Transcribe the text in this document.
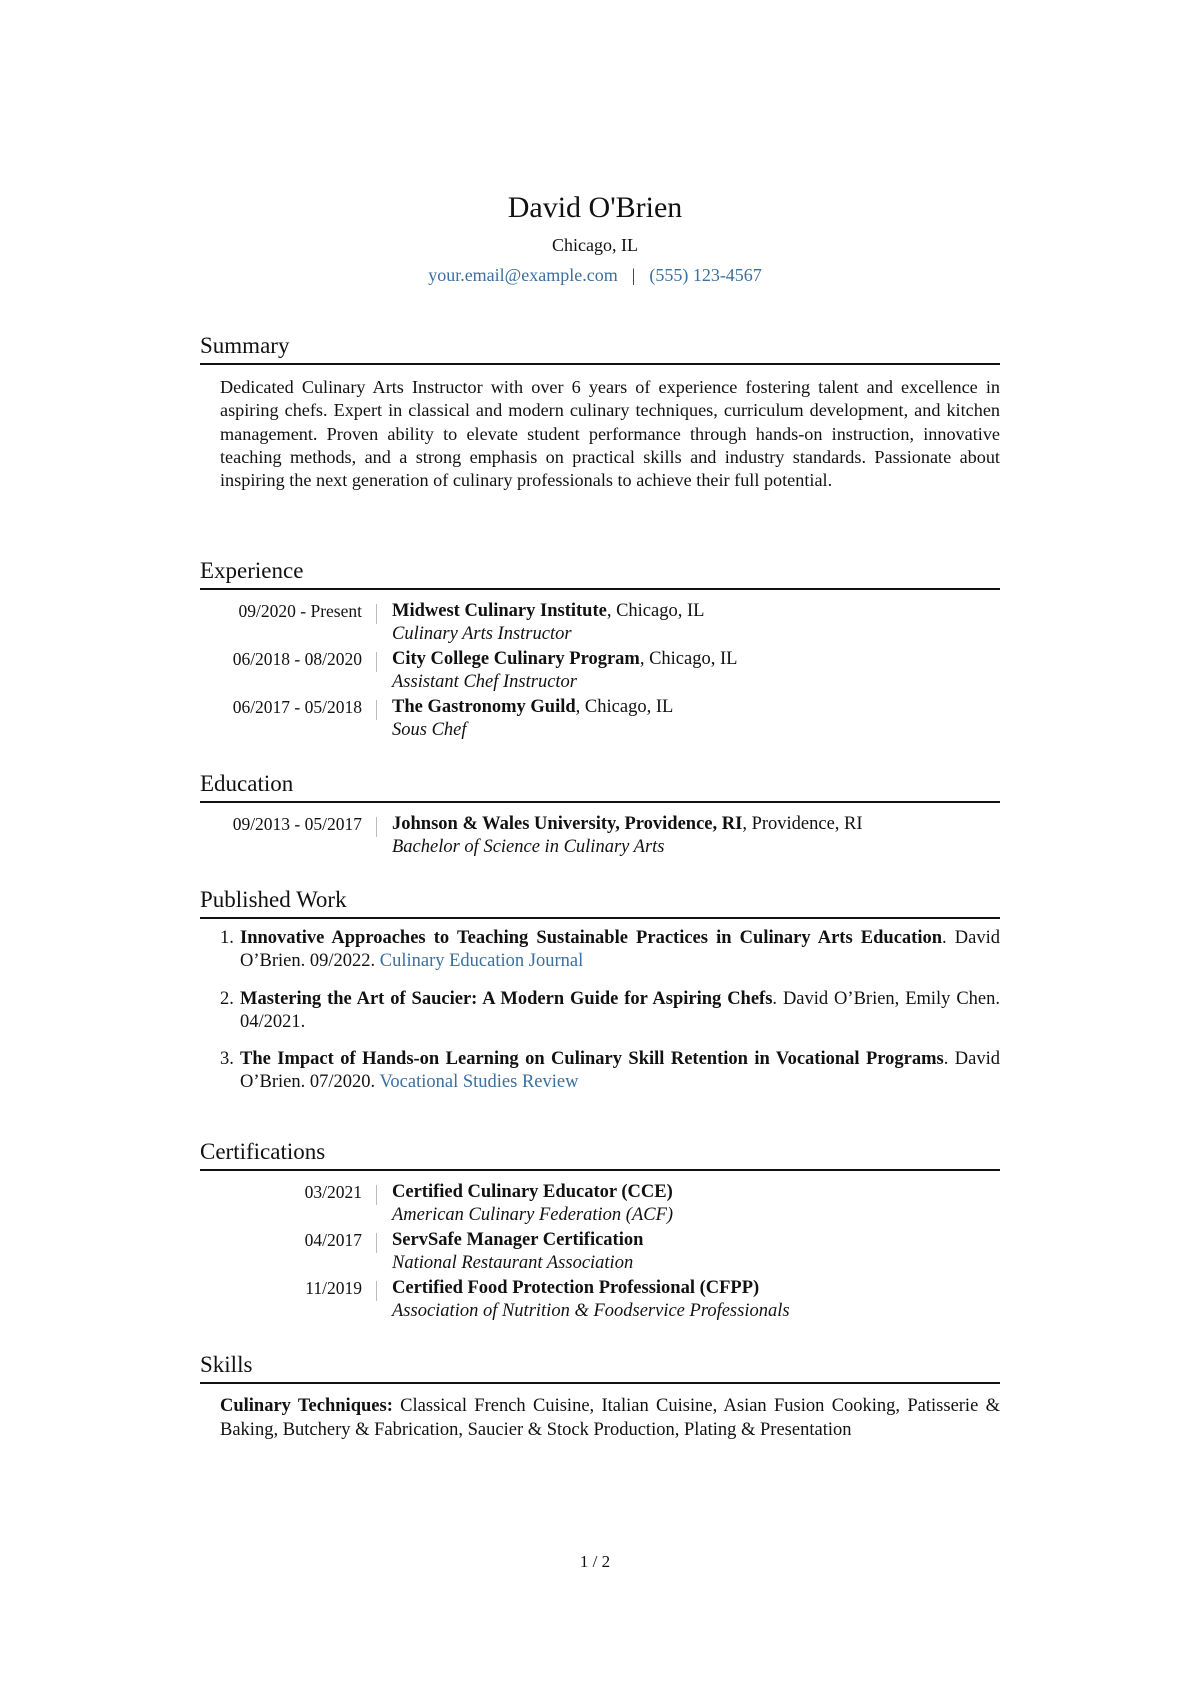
David O'Brien
Chicago, IL
your.email@example.com | (555) 123-4567
Summary

Dedicated Culinary Arts Instructor with over 6 years of experience fostering talent and excellence in aspiring chefs. Expert in classical and modern culinary techniques, curriculum development, and kitchen management. Proven ability to elevate student performance through hands-on instruction, innovative teaching methods, and a strong emphasis on practical skills and industry standards. Passionate about inspiring the next generation of culinary professionals to achieve their full potential.

Experience
09/2020 - Present	Midwest Culinary Institute, Chicago, IL
Culinary Arts Instructor
06/2018 - 08/2020	City College Culinary Program, Chicago, IL
Assistant Chef Instructor
06/2017 - 05/2018	The Gastronomy Guild, Chicago, IL
Sous Chef
Education
09/2013 - 05/2017	Johnson & Wales University, Providence, RI, Providence, RI
Bachelor of Science in Culinary Arts
Published Work
1. Innovative Approaches to Teaching Sustainable Practices in Culinary Arts Education. David O’Brien. 09/2022. Culinary Education Journal
2. Mastering the Art of Saucier: A Modern Guide for Aspiring Chefs. David O’Brien, Emily Chen. 04/2021.
3. The Impact of Hands-on Learning on Culinary Skill Retention in Vocational Programs. David O’Brien. 07/2020. Vocational Studies Review
Certifications
03/2021	Certified Culinary Educator (CCE)
American Culinary Federation (ACF)
04/2017	ServSafe Manager Certification
National Restaurant Association
11/2019	Certified Food Protection Professional (CFPP)
Association of Nutrition & Foodservice Professionals
Skills

Culinary Techniques: Classical French Cuisine, Italian Cuisine, Asian Fusion Cooking, Patisserie & Baking, Butchery & Fabrication, Saucier & Stock Production, Plating & Presentation

1 / 2
